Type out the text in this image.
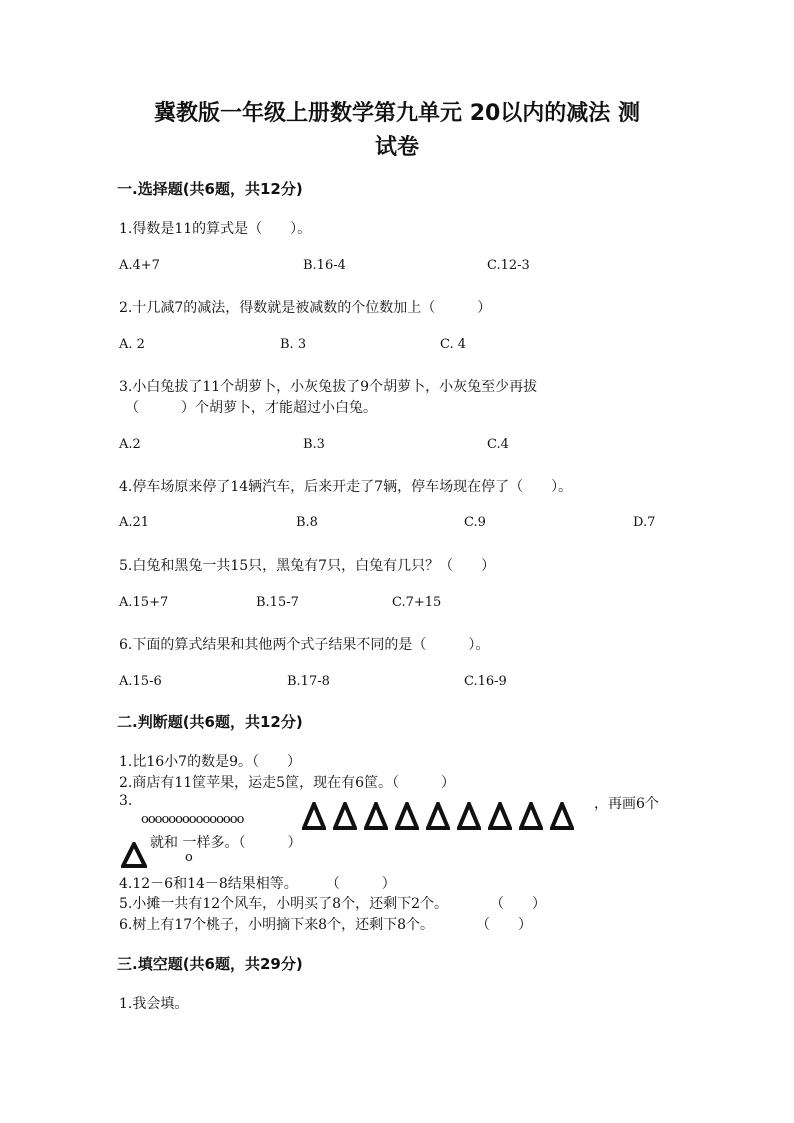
冀教版一年级上册数学第九单元 20以内的减法 测
试卷
一.选择题(共6题，共12分)
1.得数是11的算式是（　　）。
A.4+7	B.16-4	C.12-3
2.十几减7的减法，得数就是被减数的个位数加上（　　　）
A. 2	B. 3	C. 4
3.小白兔拔了11个胡萝卜，小灰兔拔了9个胡萝卜，小灰兔至少再拔
（　　　）个胡萝卜，才能超过小白兔。
A.2	B.3	C.4
4.停车场原来停了14辆汽车，后来开走了7辆，停车场现在停了（　　）。
A.21	B.8	C.9	D.7
5.白兔和黑兔一共15只，黑兔有7只，白兔有几只？（　　）
A.15+7	B.15-7	C.7+15
6.下面的算式结果和其他两个式子结果不同的是（　　　）。
A.15-6	B.17-8	C.16-9
二.判断题(共6题，共12分)
1.比16小7的数是9。（　　）
2.商店有11筐苹果，运走5筐，现在有6筐。（　　　）
3.
ooooooooooooooo
，再画6个
就和 一样多。（　　　）
o
4.12－6和14－8结果相等。　　　（　　　）
5.小摊一共有12个风车，小明买了8个，还剩下2个。　　　　（　　）
6.树上有17个桃子，小明摘下来8个，还剩下8个。　　　　（　　）
三.填空题(共6题，共29分)
1.我会填。
